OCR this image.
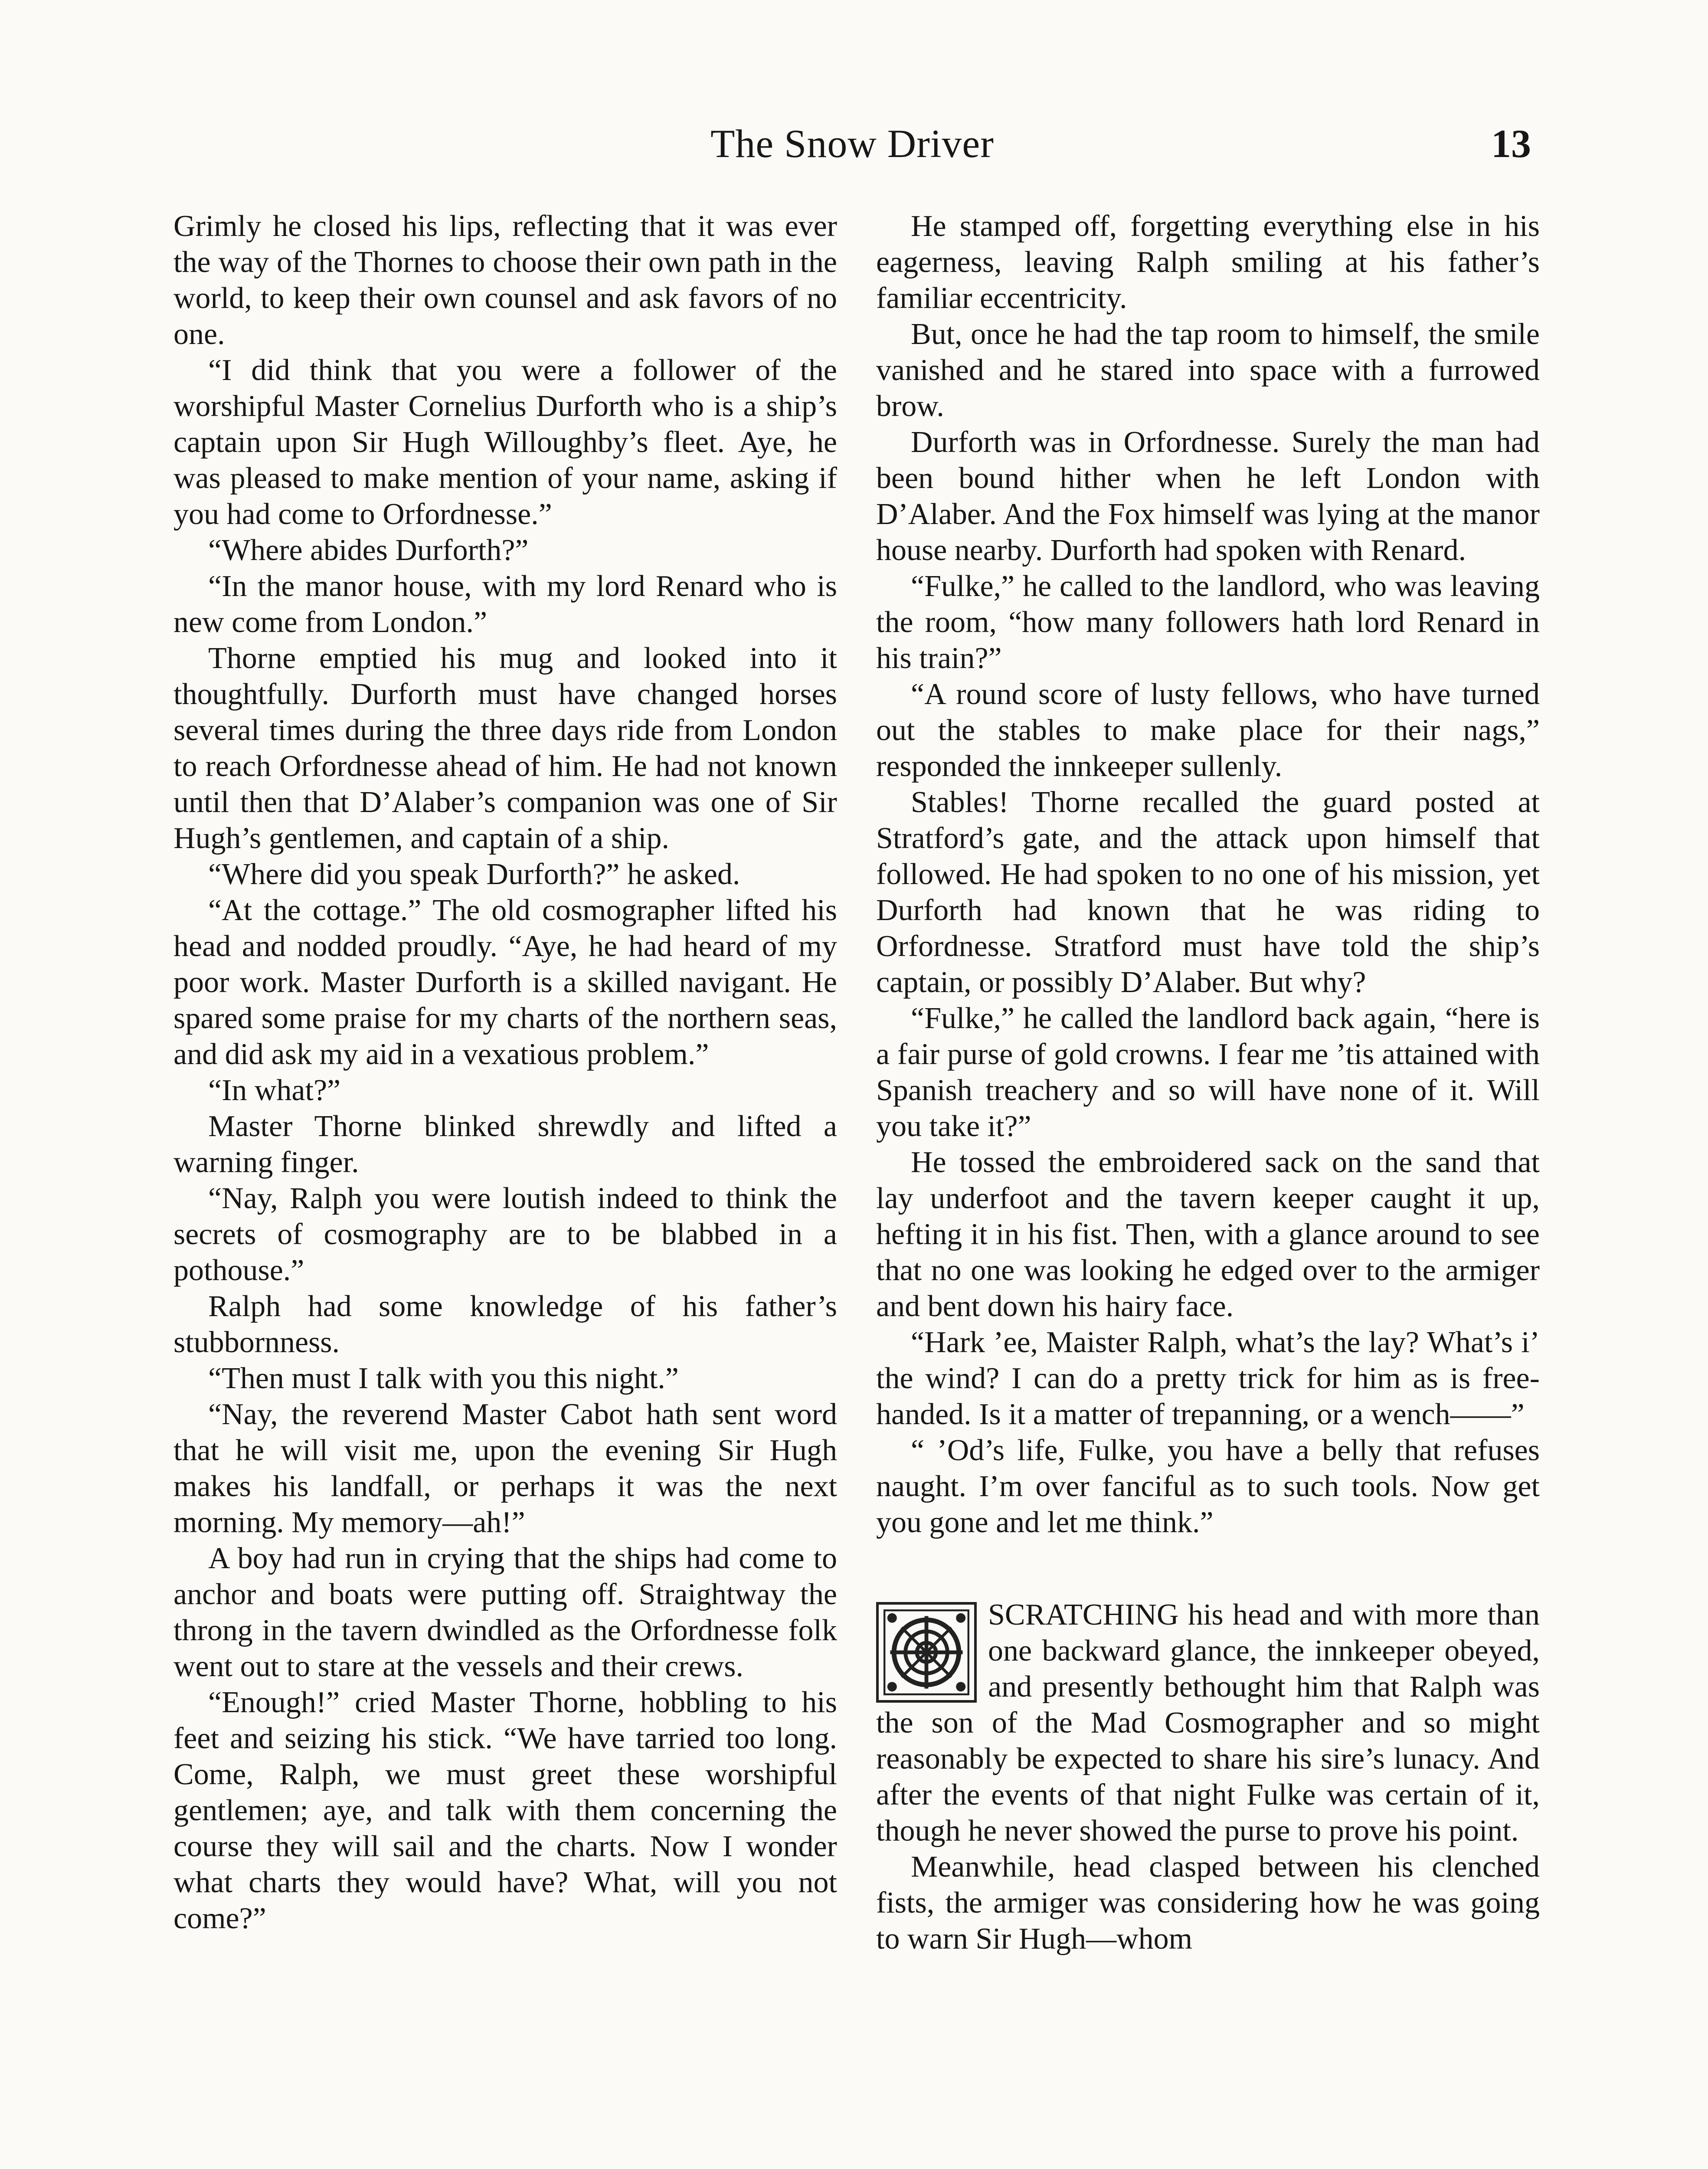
The Snow Driver	13

Grimly he closed his lips, reflecting that it was ever the way of the Thornes to choose their own path in the world, to keep their own counsel and ask favors of no one.

“I did think that you were a follower of the worshipful Master Cornelius Durforth who is a ship’s captain upon Sir Hugh Willoughby’s fleet. Aye, he was pleased to make mention of your name, asking if you had come to Orfordnesse.”

“Where abides Durforth?”

“In the manor house, with my lord Renard who is new come from London.”

Thorne emptied his mug and looked into it thoughtfully. Durforth must have changed horses several times during the three days ride from London to reach Orfordnesse ahead of him. He had not known until then that D’Alaber’s companion was one of Sir Hugh’s gentlemen, and captain of a ship.

“Where did you speak Durforth?” he asked.

“At the cottage.” The old cosmographer lifted his head and nodded proudly. “Aye, he had heard of my poor work. Master Durforth is a skilled navigant. He spared some praise for my charts of the northern seas, and did ask my aid in a vexatious problem.”

“In what?”

Master Thorne blinked shrewdly and lifted a warning finger.

“Nay, Ralph you were loutish indeed to think the secrets of cosmography are to be blabbed in a pothouse.”

Ralph had some knowledge of his father’s stubbornness.

“Then must I talk with you this night.”

“Nay, the reverend Master Cabot hath sent word that he will visit me, upon the evening Sir Hugh makes his landfall, or perhaps it was the next morning. My memory—ah!”

A boy had run in crying that the ships had come to anchor and boats were putting off. Straightway the throng in the tavern dwindled as the Orfordnesse folk went out to stare at the vessels and their crews.

“Enough!” cried Master Thorne, hobbling to his feet and seizing his stick. “We have tarried too long. Come, Ralph, we must greet these worshipful gentlemen; aye, and talk with them concerning the course they will sail and the charts. Now I wonder what charts they would have? What, will you not come?”

He stamped off, forgetting everything else in his eagerness, leaving Ralph smiling at his father’s familiar eccentricity.

But, once he had the tap room to himself, the smile vanished and he stared into space with a furrowed brow.

Durforth was in Orfordnesse. Surely the man had been bound hither when he left London with D’Alaber. And the Fox himself was lying at the manor house nearby. Durforth had spoken with Renard.

“Fulke,” he called to the landlord, who was leaving the room, “how many followers hath lord Renard in his train?”

“A round score of lusty fellows, who have turned out the stables to make place for their nags,” responded the innkeeper sullenly.

Stables! Thorne recalled the guard posted at Stratford’s gate, and the attack upon himself that followed. He had spoken to no one of his mission, yet Durforth had known that he was riding to Orfordnesse. Stratford must have told the ship’s captain, or possibly D’Alaber. But why?

“Fulke,” he called the landlord back again, “here is a fair purse of gold crowns. I fear me ’tis attained with Spanish treachery and so will have none of it. Will you take it?”

He tossed the embroidered sack on the sand that lay underfoot and the tavern keeper caught it up, hefting it in his fist. Then, with a glance around to see that no one was looking he edged over to the armiger and bent down his hairy face.

“Hark ’ee, Maister Ralph, what’s the lay? What’s i’ the wind? I can do a pretty trick for him as is free-handed. Is it a matter of trepanning, or a wench——”

“ ’Od’s life, Fulke, you have a belly that refuses naught. I’m over fanciful as to such tools. Now get you gone and let me think.”

SCRATCHING his head and with more than one backward glance, the innkeeper obeyed, and presently bethought him that Ralph was the son of the Mad Cosmographer and so might reasonably be expected to share his sire’s lunacy. And after the events of that night Fulke was certain of it, though he never showed the purse to prove his point.

Meanwhile, head clasped between his clenched fists, the armiger was considering how he was going to warn Sir Hugh—whom
